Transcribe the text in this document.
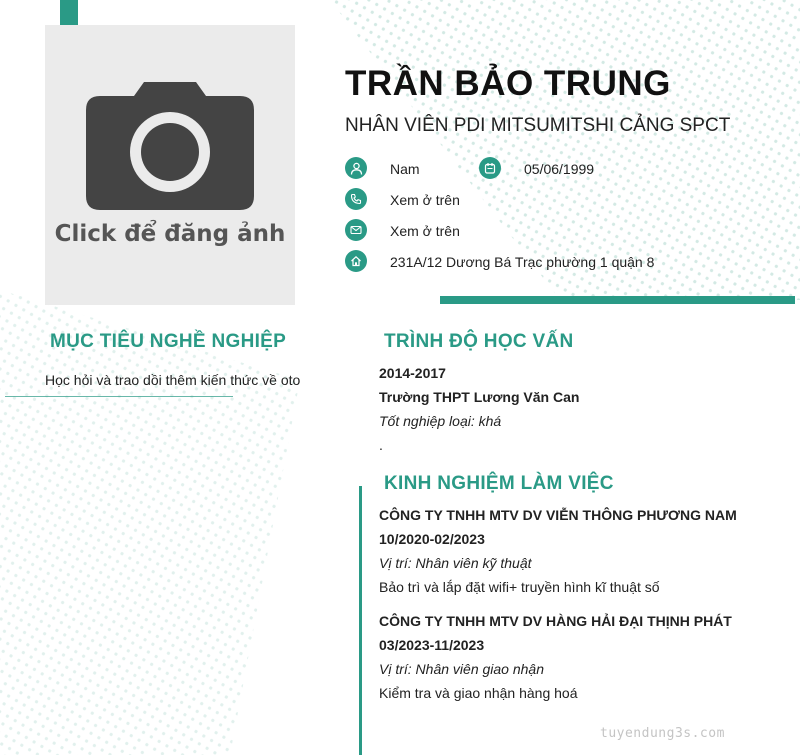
Click để đăng ảnh
TRẦN BẢO TRUNG
NHÂN VIÊN PDI MITSUMITSHI CẢNG SPCT
Nam	05/06/1999
Xem ở trên
Xem ở trên
231A/12 Dương Bá Trạc phường 1 quận 8
MỤC TIÊU NGHỀ NGHIỆP
Học hỏi và trao dồi thêm kiến thức về oto
TRÌNH ĐỘ HỌC VẤN
2014-2017
Trường THPT Lương Văn Can
Tốt nghiệp loại: khá
.
KINH NGHIỆM LÀM VIỆC
CÔNG TY TNHH MTV DV VIỄN THÔNG PHƯƠNG NAM
10/2020-02/2023
Vị trí: Nhân viên kỹ thuật
Bảo trì và lắp đặt wifi+ truyền hình kĩ thuật số
CÔNG TY TNHH MTV DV HÀNG HẢI ĐẠI THỊNH PHÁT
03/2023-11/2023
Vị trí: Nhân viên giao nhận
Kiểm tra và giao nhận hàng hoá
tuyendung3s.com
